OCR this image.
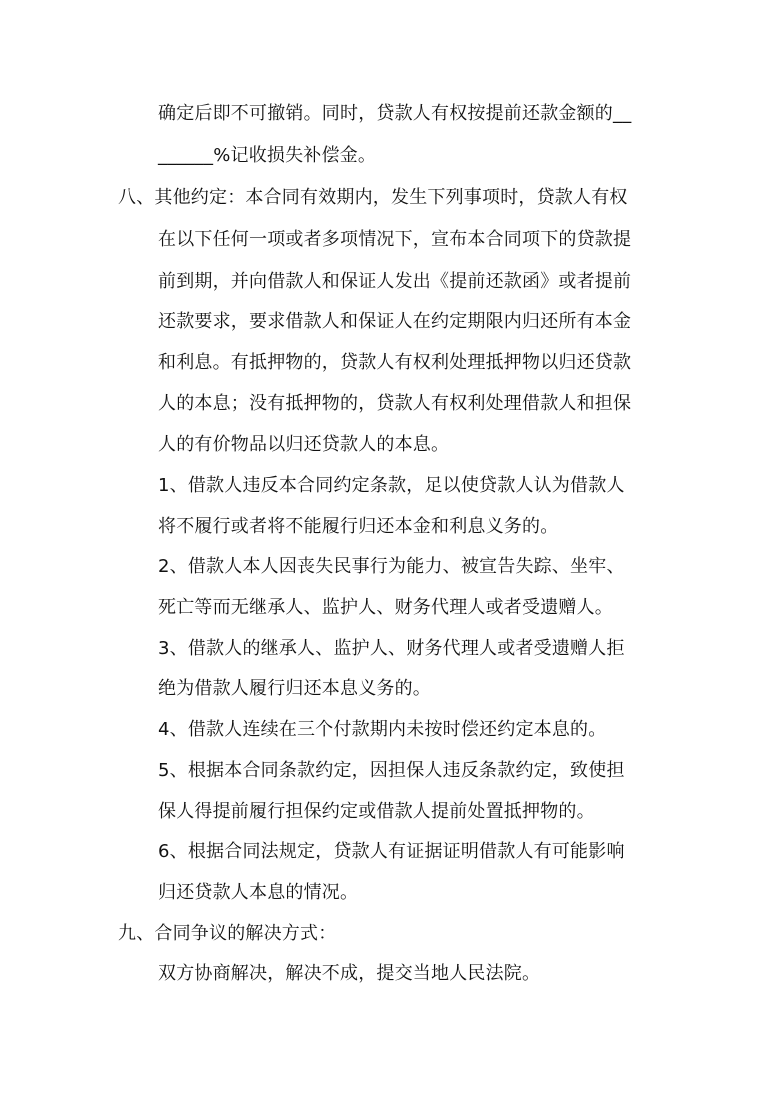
确定后即不可撤销。同时，贷款人有权按提前还款金额的__
______%记收损失补偿金。
八、其他约定：本合同有效期内，发生下列事项时，贷款人有权
在以下任何一项或者多项情况下，宣布本合同项下的贷款提
前到期，并向借款人和保证人发出《提前还款函》或者提前
还款要求，要求借款人和保证人在约定期限内归还所有本金
和利息。有抵押物的，贷款人有权利处理抵押物以归还贷款
人的本息；没有抵押物的，贷款人有权利处理借款人和担保
人的有价物品以归还贷款人的本息。
1、借款人违反本合同约定条款，足以使贷款人认为借款人
将不履行或者将不能履行归还本金和利息义务的。
2、借款人本人因丧失民事行为能力、被宣告失踪、坐牢、
死亡等而无继承人、监护人、财务代理人或者受遗赠人。
3、借款人的继承人、监护人、财务代理人或者受遗赠人拒
绝为借款人履行归还本息义务的。
4、借款人连续在三个付款期内未按时偿还约定本息的。
5、根据本合同条款约定，因担保人违反条款约定，致使担
保人得提前履行担保约定或借款人提前处置抵押物的。
6、根据合同法规定，贷款人有证据证明借款人有可能影响
归还贷款人本息的情况。
九、合同争议的解决方式：
双方协商解决，解决不成，提交当地人民法院。
